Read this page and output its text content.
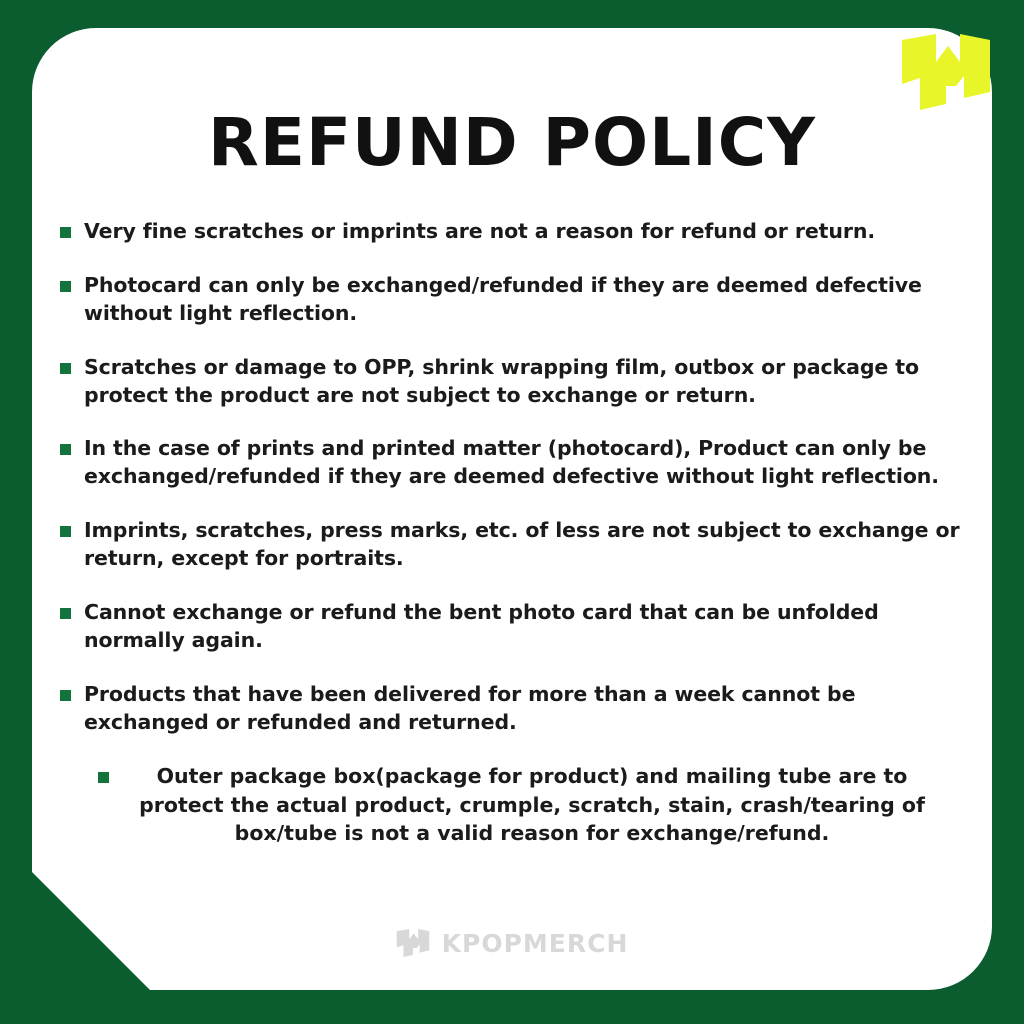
REFUND POLICY
Very fine scratches or imprints are not a reason for refund or return.
Photocard can only be exchanged/refunded if they are deemed defective without light reflection.
Scratches or damage to OPP, shrink wrapping film, outbox or package to protect the product are not subject to exchange or return.
In the case of prints and printed matter (photocard), Product can only be exchanged/refunded if they are deemed defective without light reflection.
Imprints, scratches, press marks, etc. of less are not subject to exchange or return, except for portraits.
Cannot exchange or refund the bent photo card that can be unfolded normally again.
Products that have been delivered for more than a week cannot be exchanged or refunded and returned.
Outer package box(package for product) and mailing tube are to protect the actual product, crumple, scratch, stain, crash/tearing of box/tube is not a valid reason for exchange/refund.
KPOPMERCH
